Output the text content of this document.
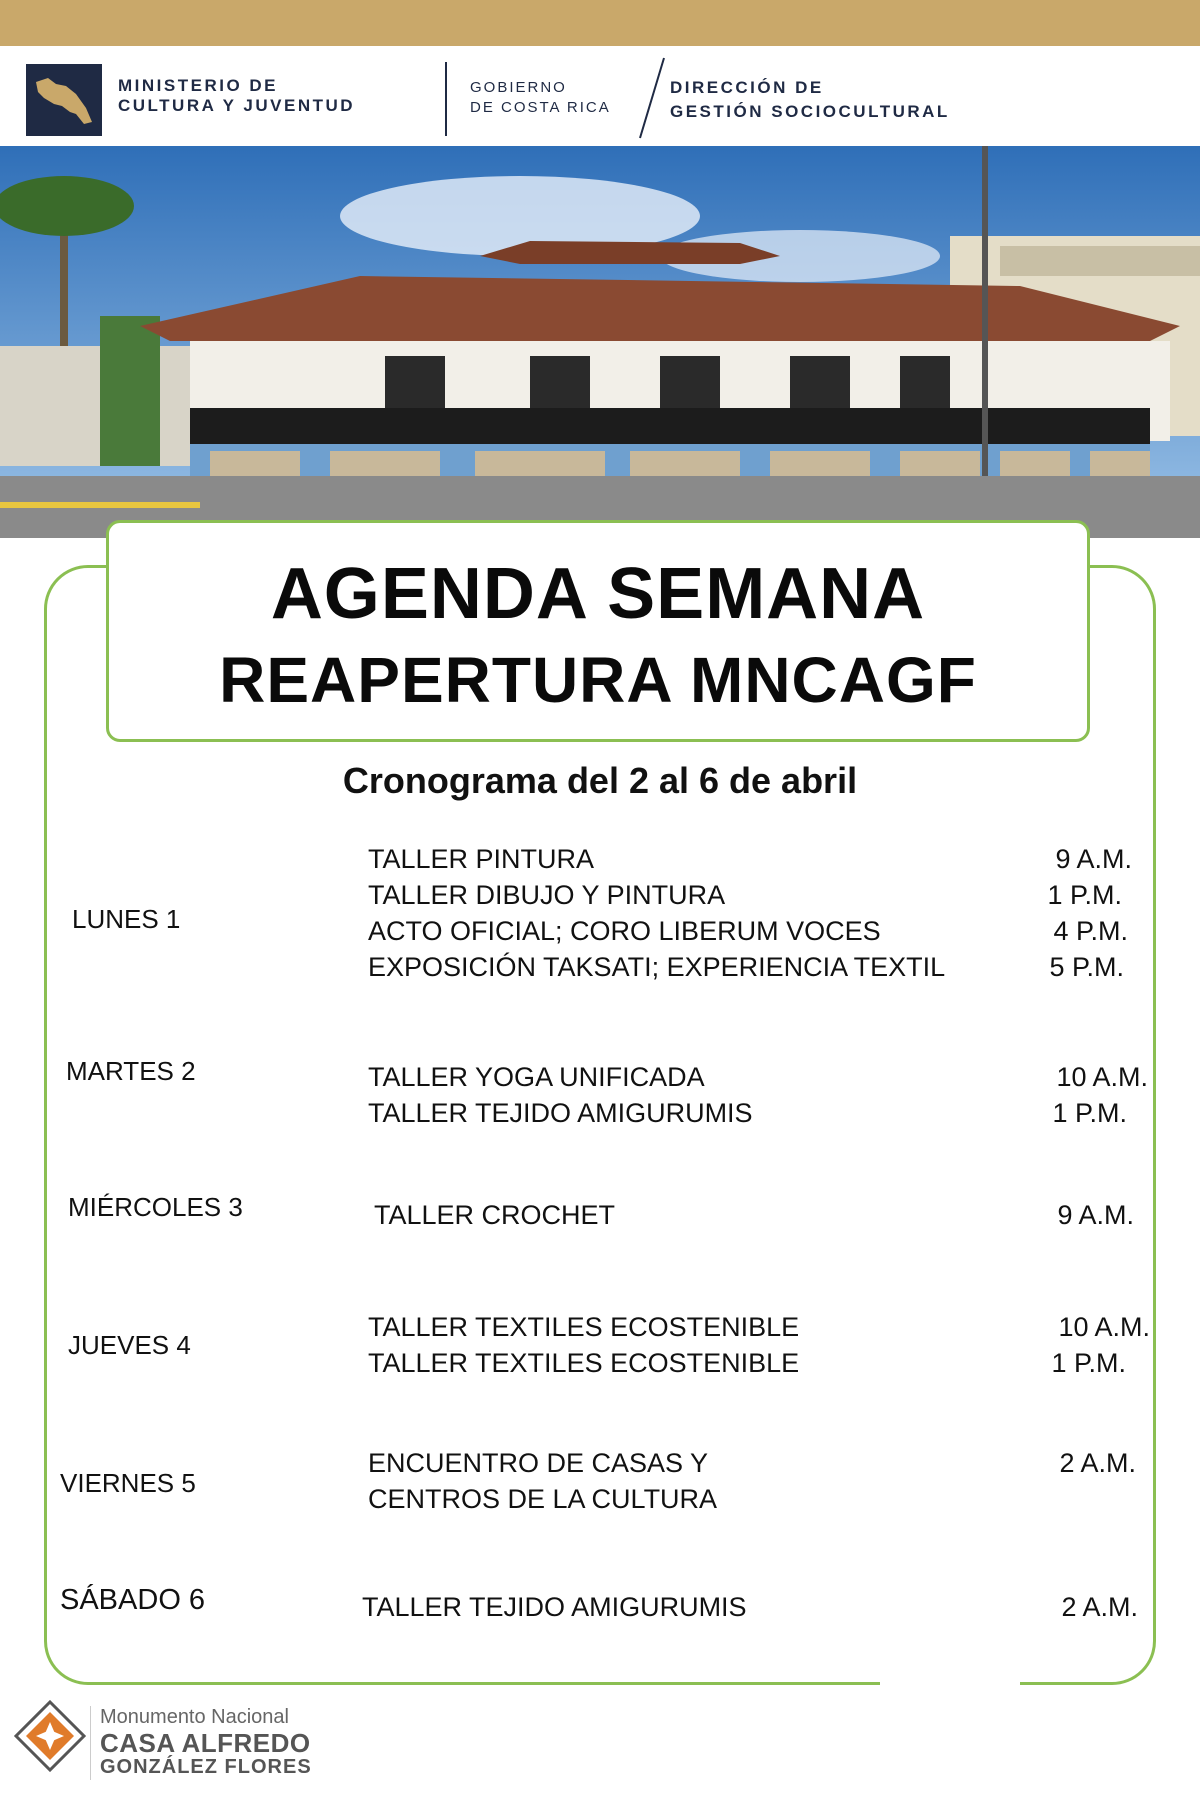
MINISTERIO DE
CULTURA Y JUVENTUD
GOBIERNO
DE COSTA RICA
DIRECCIÓN DE
GESTIÓN SOCIOCULTURAL
AGENDA SEMANA
REAPERTURA MNCAGF
Cronograma del 2 al 6 de abril
LUNES 1
TALLER PINTURA	9 A.M.
TALLER DIBUJO Y PINTURA	1 P.M.
ACTO OFICIAL; CORO LIBERUM VOCES	4 P.M.
EXPOSICIÓN TAKSATI; EXPERIENCIA TEXTIL	5 P.M.
MARTES 2	TALLER YOGA UNIFICADA	10 A.M.
TALLER TEJIDO AMIGURUMIS	1 P.M.
MIÉRCOLES 3	TALLER CROCHET	9 A.M.
JUEVES 4
TALLER TEXTILES ECOSTENIBLE	10 A.M.
TALLER TEXTILES ECOSTENIBLE	1 P.M.
VIERNES 5
ENCUENTRO DE CASAS Y	2 A.M.
CENTROS DE LA CULTURA
SÁBADO 6	TALLER TEJIDO AMIGURUMIS	2 A.M.
Monumento Nacional
CASA ALFREDO
GONZÁLEZ FLORES
